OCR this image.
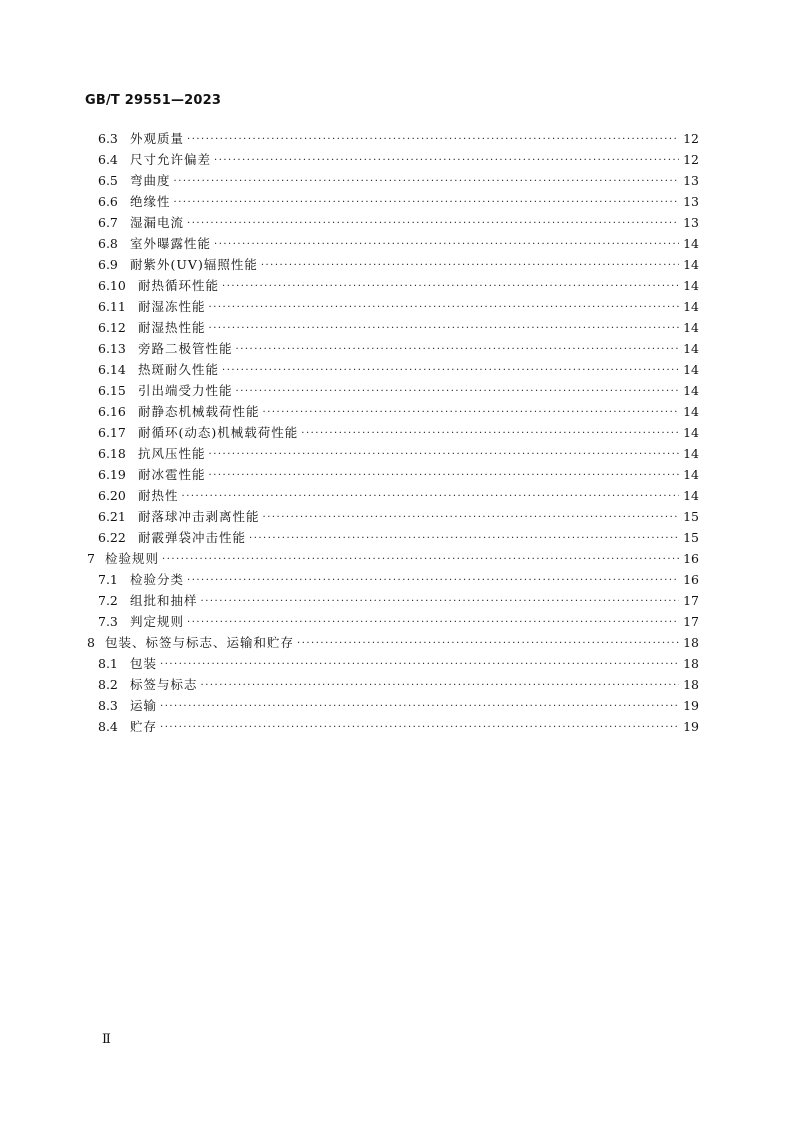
GB/T 29551—2023
6.3 外观质量 ·····	12
6.4 尺寸允许偏差 ·····	12
6.5 弯曲度 ·····	13
6.6 绝缘性 ·····	13
6.7 湿漏电流 ·····	13
6.8 室外曝露性能 ·····	14
6.9 耐紫外(UV)辐照性能 ·····	14
6.10 耐热循环性能 ·····	14
6.11 耐湿冻性能 ·····	14
6.12 耐湿热性能 ·····	14
6.13 旁路二极管性能 ·····	14
6.14 热斑耐久性能 ·····	14
6.15 引出端受力性能 ·····	14
6.16 耐静态机械载荷性能 ·····	14
6.17 耐循环(动态)机械载荷性能 ·····	14
6.18 抗风压性能 ·····	14
6.19 耐冰雹性能 ·····	14
6.20 耐热性 ·····	14
6.21 耐落球冲击剥离性能 ·····	15
6.22 耐霰弹袋冲击性能 ·····	15
7 检验规则 ·····	16
7.1 检验分类 ·····	16
7.2 组批和抽样 ·····	17
7.3 判定规则 ·····	17
8 包装、标签与标志、运输和贮存 ·····	18
8.1 包装 ·····	18
8.2 标签与标志 ·····	18
8.3 运输 ·····	19
8.4 贮存 ·····	19
Ⅱ
